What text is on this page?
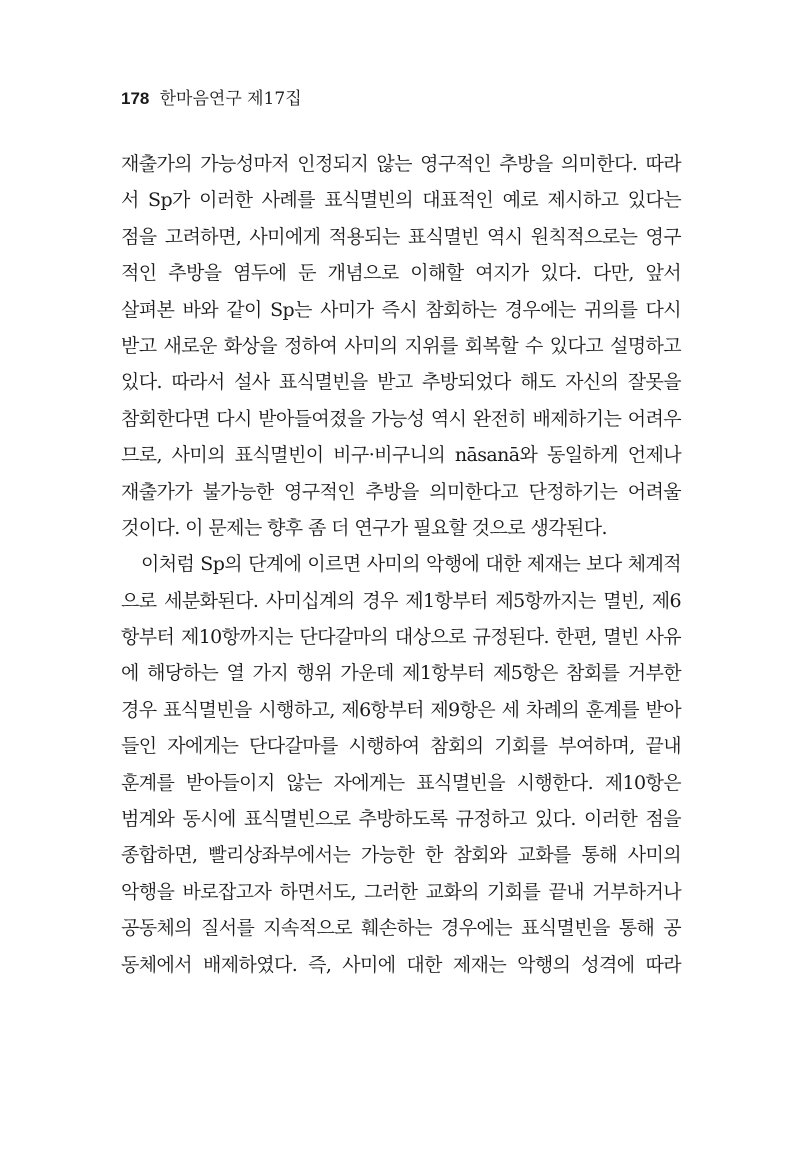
178 한마음연구 제17집
재출가의 가능성마저 인정되지 않는 영구적인 추방을 의미한다. 따라
서 Sp가 이러한 사례를 표식멸빈의 대표적인 예로 제시하고 있다는
점을 고려하면, 사미에게 적용되는 표식멸빈 역시 원칙적으로는 영구
적인 추방을 염두에 둔 개념으로 이해할 여지가 있다. 다만, 앞서
살펴본 바와 같이 Sp는 사미가 즉시 참회하는 경우에는 귀의를 다시
받고 새로운 화상을 정하여 사미의 지위를 회복할 수 있다고 설명하고
있다. 따라서 설사 표식멸빈을 받고 추방되었다 해도 자신의 잘못을
참회한다면 다시 받아들여졌을 가능성 역시 완전히 배제하기는 어려우
므로, 사미의 표식멸빈이 비구·비구니의 nāsanā와 동일하게 언제나
재출가가 불가능한 영구적인 추방을 의미한다고 단정하기는 어려울
것이다. 이 문제는 향후 좀 더 연구가 필요할 것으로 생각된다.
이처럼 Sp의 단계에 이르면 사미의 악행에 대한 제재는 보다 체계적
으로 세분화된다. 사미십계의 경우 제1항부터 제5항까지는 멸빈, 제6
항부터 제10항까지는 단다갈마의 대상으로 규정된다. 한편, 멸빈 사유
에 해당하는 열 가지 행위 가운데 제1항부터 제5항은 참회를 거부한
경우 표식멸빈을 시행하고, 제6항부터 제9항은 세 차례의 훈계를 받아
들인 자에게는 단다갈마를 시행하여 참회의 기회를 부여하며, 끝내
훈계를 받아들이지 않는 자에게는 표식멸빈을 시행한다. 제10항은
범계와 동시에 표식멸빈으로 추방하도록 규정하고 있다. 이러한 점을
종합하면, 빨리상좌부에서는 가능한 한 참회와 교화를 통해 사미의
악행을 바로잡고자 하면서도, 그러한 교화의 기회를 끝내 거부하거나
공동체의 질서를 지속적으로 훼손하는 경우에는 표식멸빈을 통해 공
동체에서 배제하였다. 즉, 사미에 대한 제재는 악행의 성격에 따라
